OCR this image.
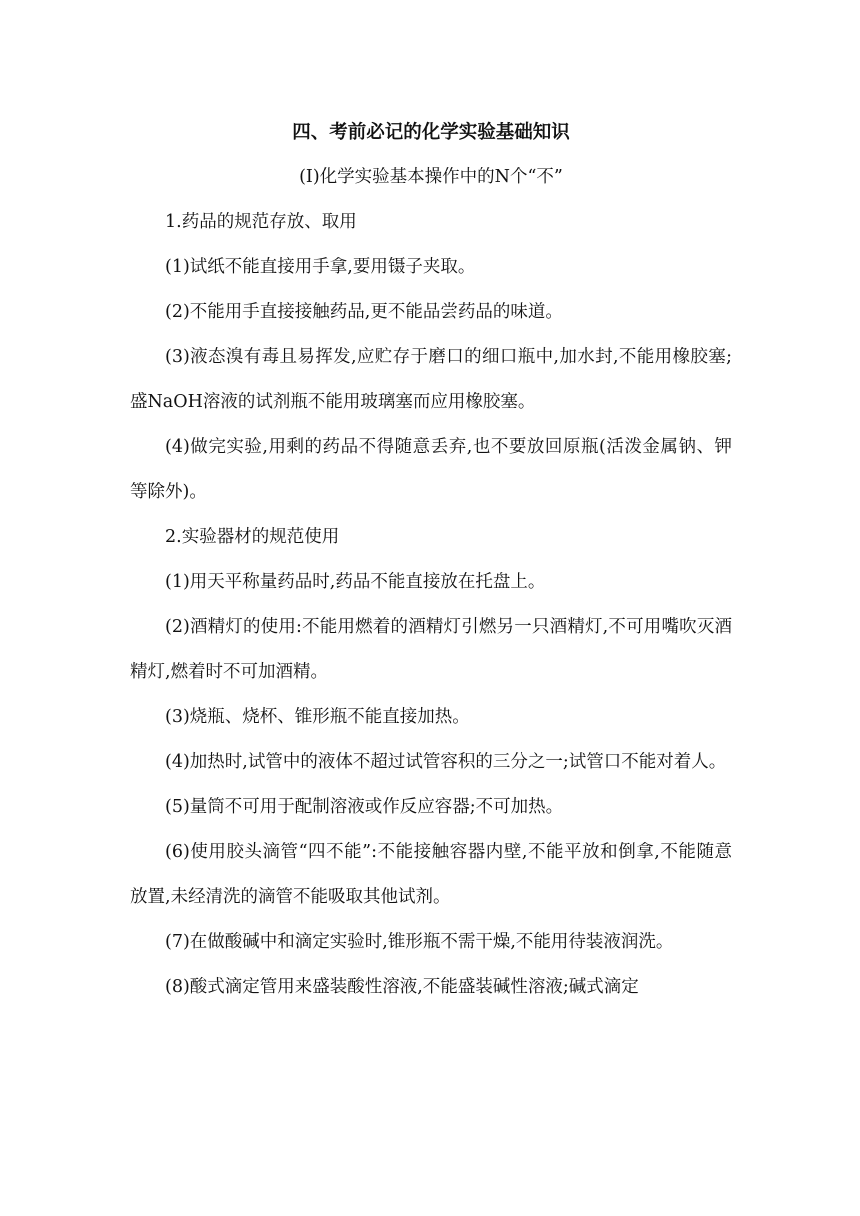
四、考前必记的化学实验基础知识

(Ⅰ)化学实验基本操作中的N个“不”

1.药品的规范存放、取用

(1)试纸不能直接用手拿,要用镊子夹取。

(2)不能用手直接接触药品,更不能品尝药品的味道。

(3)液态溴有毒且易挥发,应贮存于磨口的细口瓶中,加水封,不能用橡胶塞;盛NaOH溶液的试剂瓶不能用玻璃塞而应用橡胶塞。

(4)做完实验,用剩的药品不得随意丢弃,也不要放回原瓶(活泼金属钠、钾等除外)。

2.实验器材的规范使用

(1)用天平称量药品时,药品不能直接放在托盘上。

(2)酒精灯的使用:不能用燃着的酒精灯引燃另一只酒精灯,不可用嘴吹灭酒精灯,燃着时不可加酒精。

(3)烧瓶、烧杯、锥形瓶不能直接加热。

(4)加热时,试管中的液体不超过试管容积的三分之一;试管口不能对着人。

(5)量筒不可用于配制溶液或作反应容器;不可加热。

(6)使用胶头滴管“四不能”:不能接触容器内壁,不能平放和倒拿,不能随意放置,未经清洗的滴管不能吸取其他试剂。

(7)在做酸碱中和滴定实验时,锥形瓶不需干燥,不能用待装液润洗。

(8)酸式滴定管用来盛装酸性溶液,不能盛装碱性溶液;碱式滴定
